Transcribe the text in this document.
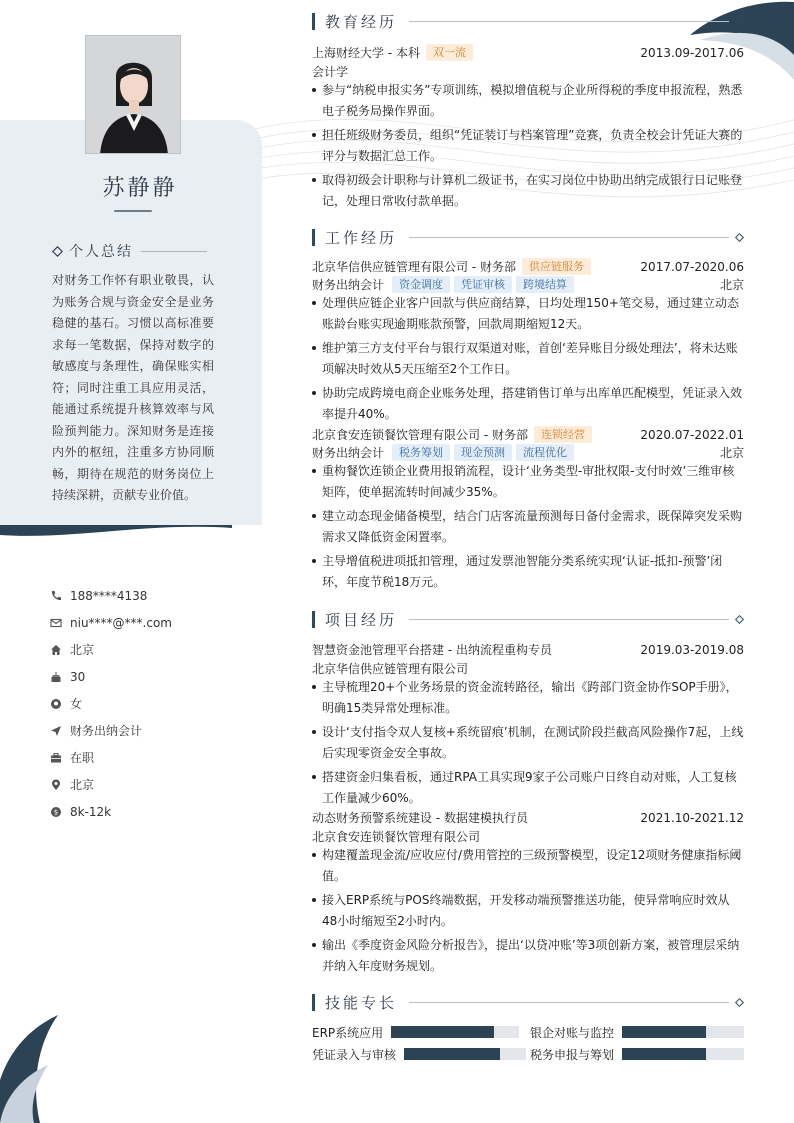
苏静静
个人总结
对财务工作怀有职业敬畏，认为账务合规与资金安全是业务稳健的基石。习惯以高标准要求每一笔数据，保持对数字的敏感度与条理性，确保账实相符；同时注重工具应用灵活，能通过系统提升核算效率与风险预判能力。深知财务是连接内外的枢纽，注重多方协同顺畅，期待在规范的财务岗位上持续深耕，贡献专业价值。
188****4138
niu****@***.com
北京
30
女
财务出纳会计
在职
北京
$ 8k-12k
教育经历
上海财经大学 - 本科	双一流	2013.09-2017.06
会计学
参与“纳税申报实务”专项训练，模拟增值税与企业所得税的季度申报流程，熟悉电子税务局操作界面。
担任班级财务委员，组织“凭证装订与档案管理”竞赛，负责全校会计凭证大赛的评分与数据汇总工作。
取得初级会计职称与计算机二级证书，在实习岗位中协助出纳完成银行日记账登记，处理日常收付款单据。
工作经历
北京华信供应链管理有限公司 - 财务部	供应链服务	2017.07-2020.06
财务出纳会计	资金调度	凭证审核	跨境结算	北京
处理供应链企业客户回款与供应商结算，日均处理150+笔交易，通过建立动态账龄台账实现逾期账款预警，回款周期缩短12天。
维护第三方支付平台与银行双渠道对账，首创‘差异账目分级处理法’，将未达账项解决时效从5天压缩至2个工作日。
协助完成跨境电商企业账务处理，搭建销售订单与出库单匹配模型，凭证录入效率提升40%。
北京食安连锁餐饮管理有限公司 - 财务部	连锁经营	2020.07-2022.01
财务出纳会计	税务筹划	现金预测	流程优化	北京
重构餐饮连锁企业费用报销流程，设计‘业务类型-审批权限-支付时效’三维审核矩阵，使单据流转时间减少35%。
建立动态现金储备模型，结合门店客流量预测每日备付金需求，既保障突发采购需求又降低资金闲置率。
主导增值税进项抵扣管理，通过发票池智能分类系统实现‘认证-抵扣-预警’闭环，年度节税18万元。
项目经历
智慧资金池管理平台搭建 - 出纳流程重构专员	2019.03-2019.08
北京华信供应链管理有限公司
主导梳理20+个业务场景的资金流转路径，输出《跨部门资金协作SOP手册》，明确15类异常处理标准。
设计‘支付指令双人复核+系统留痕’机制，在测试阶段拦截高风险操作7起，上线后实现零资金安全事故。
搭建资金归集看板，通过RPA工具实现9家子公司账户日终自动对账，人工复核工作量减少60%。
动态财务预警系统建设 - 数据建模执行员	2021.10-2021.12
北京食安连锁餐饮管理有限公司
构建覆盖现金流/应收应付/费用管控的三级预警模型，设定12项财务健康指标阈值。
接入ERP系统与POS终端数据，开发移动端预警推送功能，使异常响应时效从48小时缩短至2小时内。
输出《季度资金风险分析报告》，提出‘以贷冲账’等3项创新方案，被管理层采纳并纳入年度财务规划。
技能专长
ERP系统应用	银企对账与监控
凭证录入与审核	税务申报与筹划
